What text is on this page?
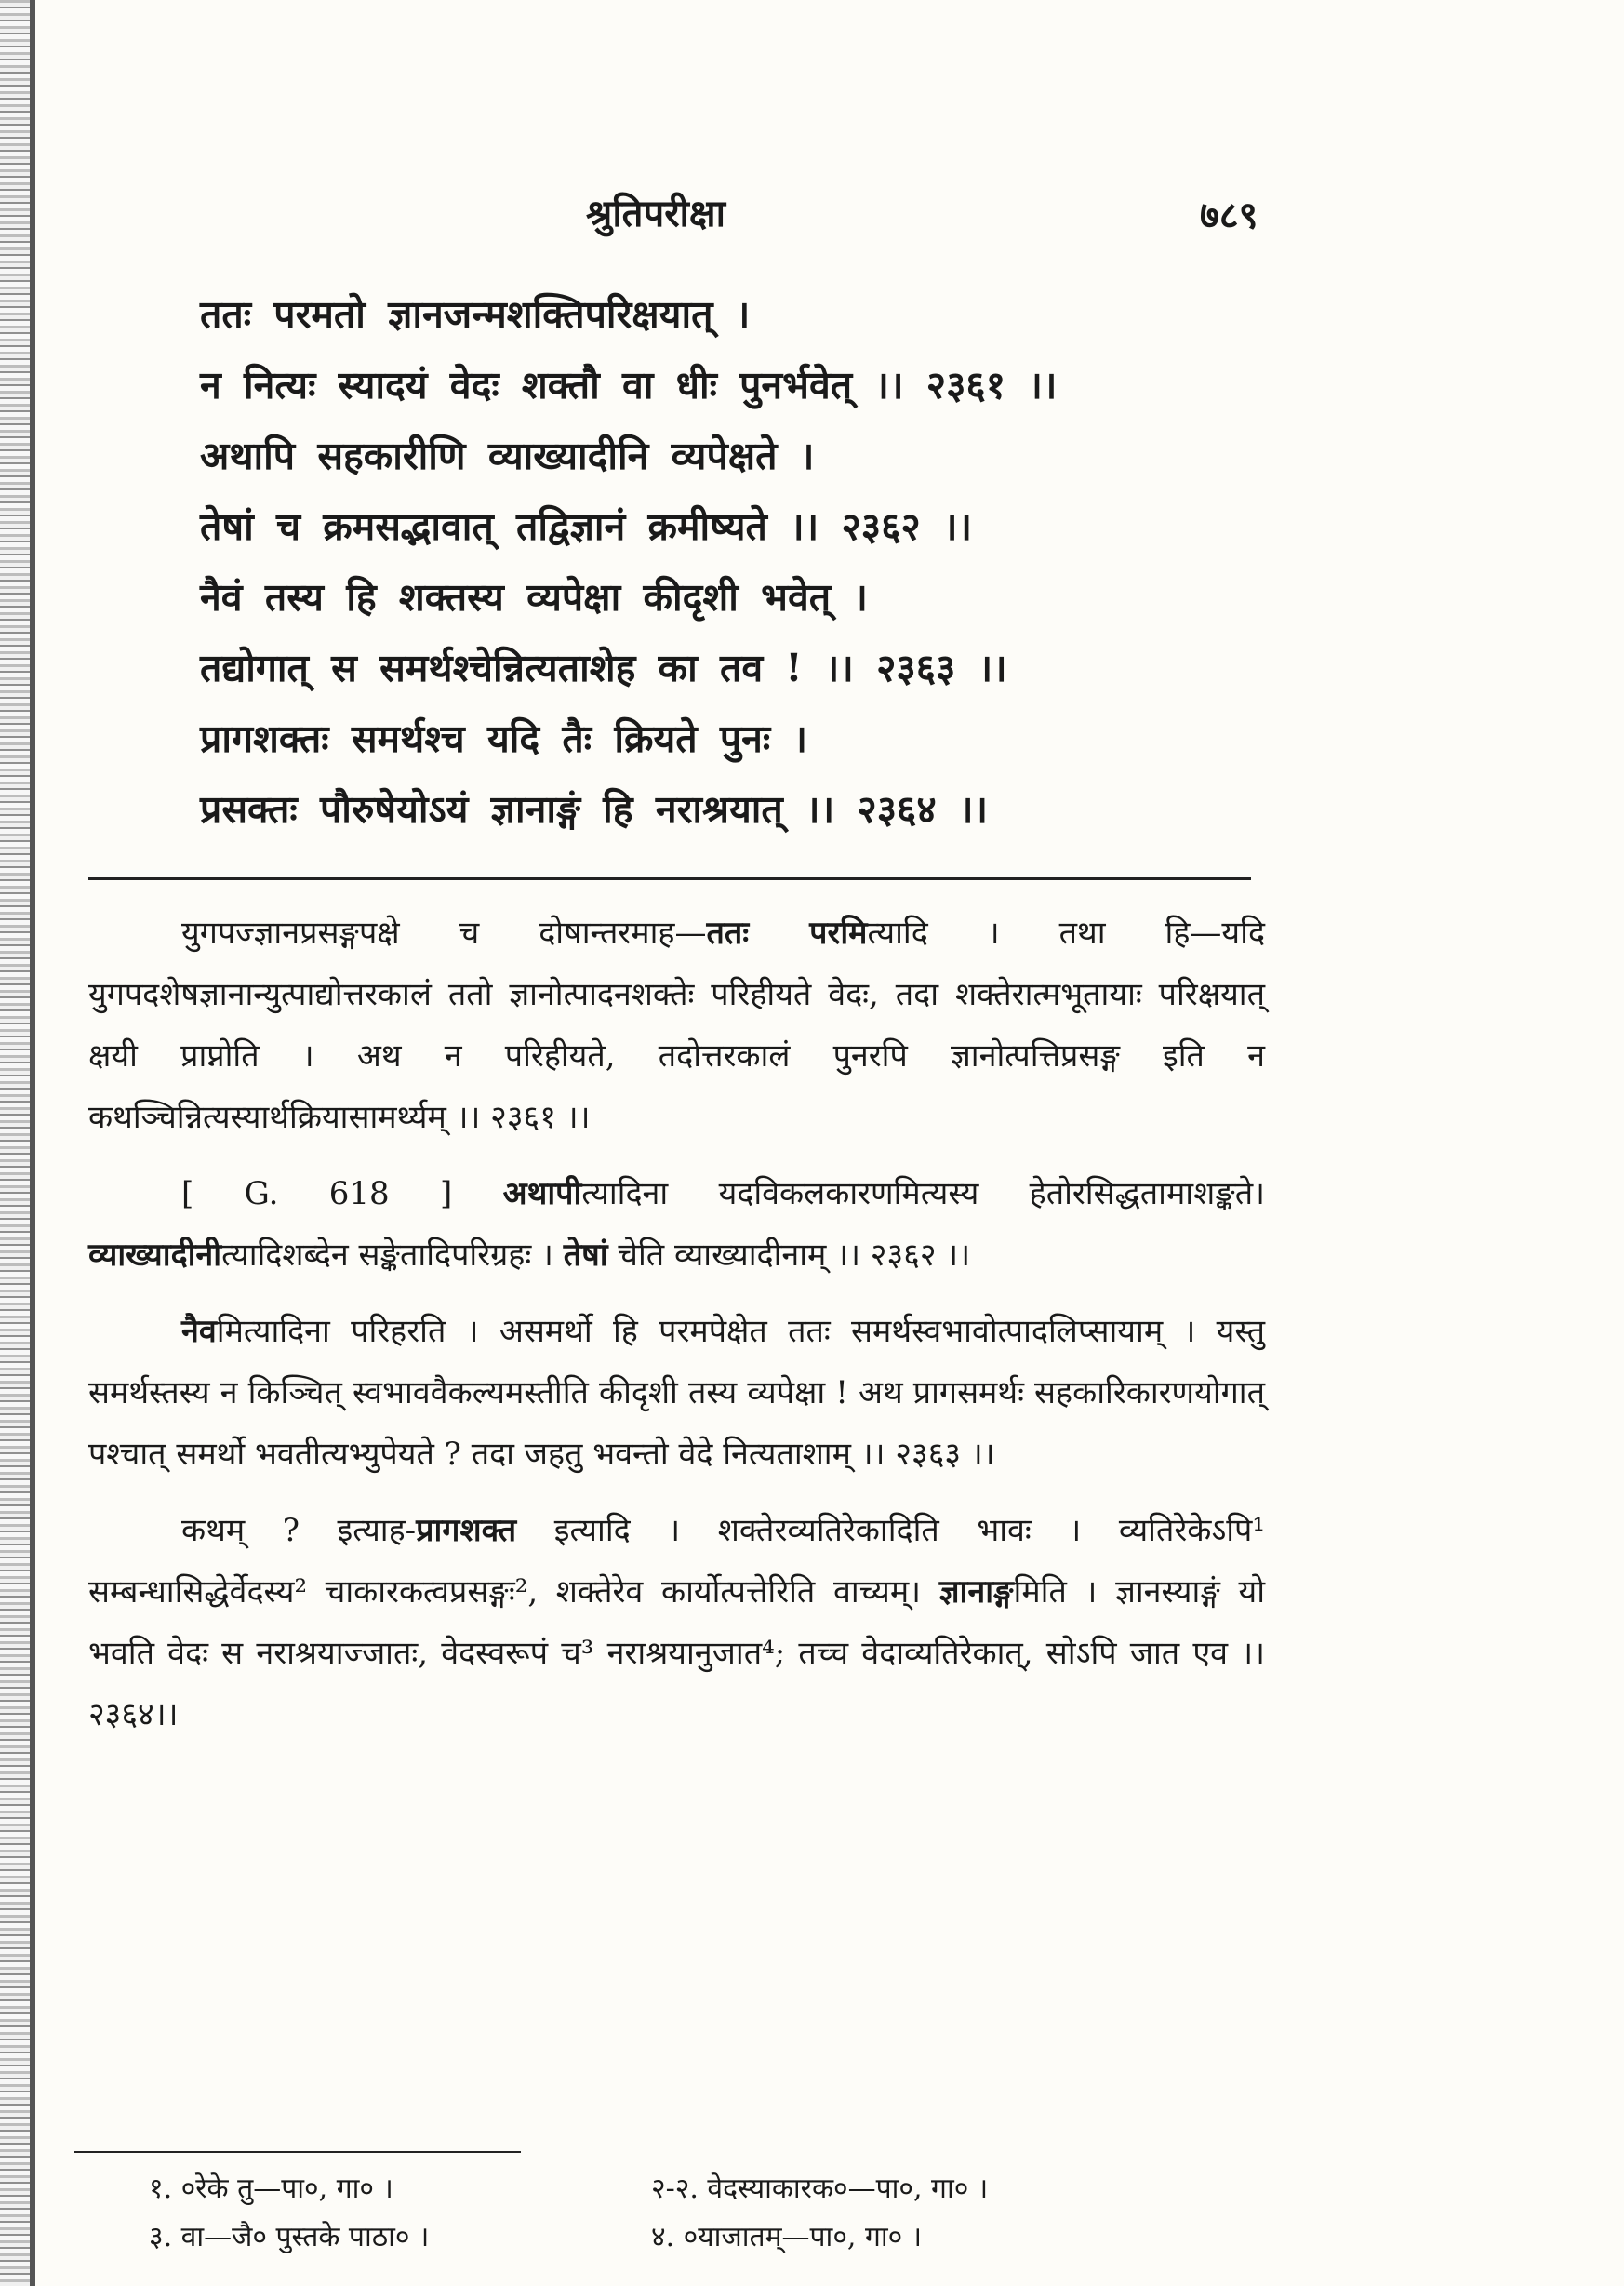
श्रुतिपरीक्षा	७८९
ततः परमतो ज्ञानजन्मशक्तिपरिक्षयात् ।
न नित्यः स्यादयं वेदः शक्तौ वा धीः पुनर्भवेत् ।। २३६१ ।।
अथापि सहकारीणि व्याख्यादीनि व्यपेक्षते ।
तेषां च क्रमसद्भावात् तद्विज्ञानं क्रमीष्यते ।। २३६२ ।।
नैवं तस्य हि शक्तस्य व्यपेक्षा कीदृशी भवेत् ।
तद्योगात् स समर्थश्चेन्नित्यताशेह का तव ! ।। २३६३ ।।
प्रागशक्तः समर्थश्च यदि तैः क्रियते पुनः ।
प्रसक्तः पौरुषेयोऽयं ज्ञानाङ्गं हि नराश्रयात् ।। २३६४ ।।

युगपज्ज्ञानप्रसङ्गपक्षे च दोषान्तरमाह—ततः परमित्यादि । तथा हि—यदि युगपदशेषज्ञानान्युत्पाद्योत्तरकालं ततो ज्ञानोत्पादनशक्तेः परिहीयते वेदः, तदा शक्तेरात्मभूतायाः परिक्षयात् क्षयी प्राप्नोति । अथ न परिहीयते, तदोत्तरकालं पुनरपि ज्ञानोत्पत्तिप्रसङ्ग इति न कथञ्चिन्नित्यस्यार्थक्रियासामर्थ्यम् ।। २३६१ ।।

[ G. 618 ] अथापीत्यादिना यदविकलकारणमित्यस्य हेतोरसिद्धतामाशङ्कते। व्याख्यादीनीत्यादिशब्देन सङ्केतादिपरिग्रहः । तेषां चेति व्याख्यादीनाम् ।। २३६२ ।।

नैवमित्यादिना परिहरति । असमर्थो हि परमपेक्षेत ततः समर्थस्वभावोत्पादलिप्सायाम् । यस्तु समर्थस्तस्य न किञ्चित् स्वभाववैकल्यमस्तीति कीदृशी तस्य व्यपेक्षा ! अथ प्रागसमर्थः सहकारिकारणयोगात् पश्चात् समर्थो भवतीत्यभ्युपेयते ? तदा जहतु भवन्तो वेदे नित्यताशाम् ।। २३६३ ।।

कथम् ? इत्याह-प्रागशक्त इत्यादि । शक्तेरव्यतिरेकादिति भावः । व्यतिरेकेऽपि¹ सम्बन्धासिद्धेर्वेदस्य² चाकारकत्वप्रसङ्गः², शक्तेरेव कार्योत्पत्तेरिति वाच्यम्। ज्ञानाङ्गमिति । ज्ञानस्याङ्गं यो भवति वेदः स नराश्रयाज्जातः, वेदस्वरूपं च³ नराश्रयानुजात⁴; तच्च वेदाव्यतिरेकात्, सोऽपि जात एव ।।२३६४।।

१. ०रेके तु—पा०, गा० ।	२-२. वेदस्याकारक०—पा०, गा० ।
३. वा—जै० पुस्तके पाठा० ।	४. ०याजातम्—पा०, गा० ।
